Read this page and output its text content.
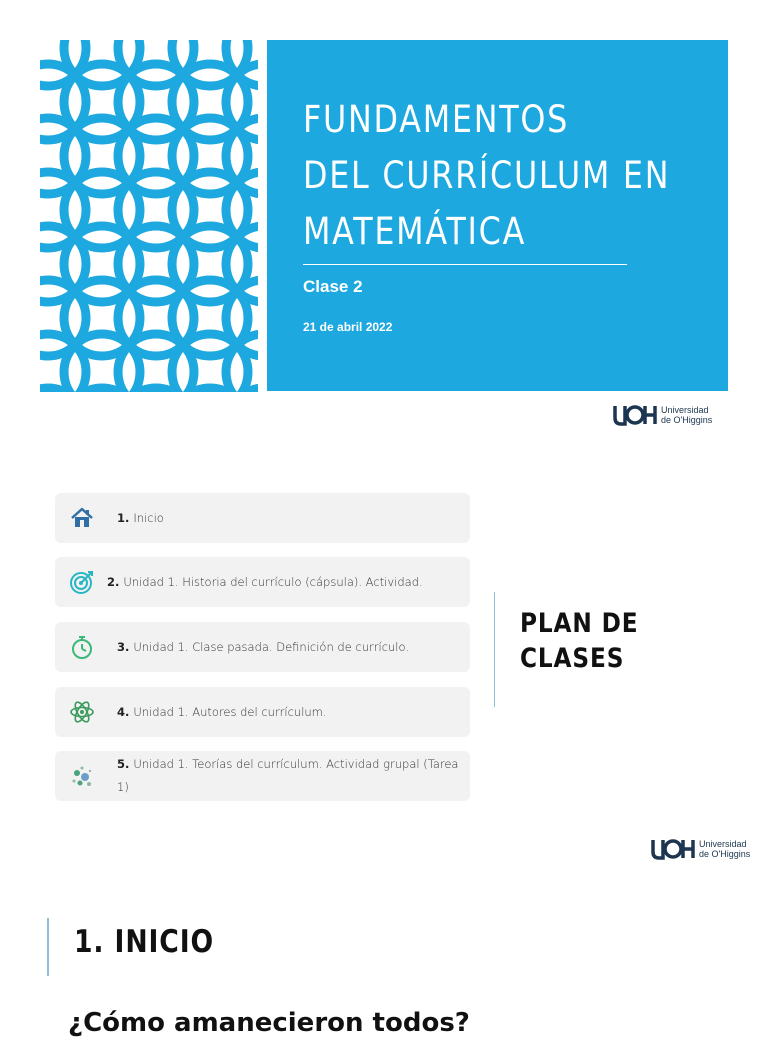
FUNDAMENTOS
DEL CURRÍCULUM EN
MATEMÁTICA
Clase 2
21 de abril 2022
Universidad
de O'Higgins
1. Inicio
2. Unidad 1. Historia del currículo (cápsula). Actividad.
3. Unidad 1. Clase pasada. Definición de currículo.
4. Unidad 1. Autores del currículum.
5. Unidad 1. Teorías del currículum. Actividad grupal (Tarea 1)
PLAN DE
CLASES
Universidad
de O'Higgins
1. INICIO
¿Cómo amanecieron todos?
